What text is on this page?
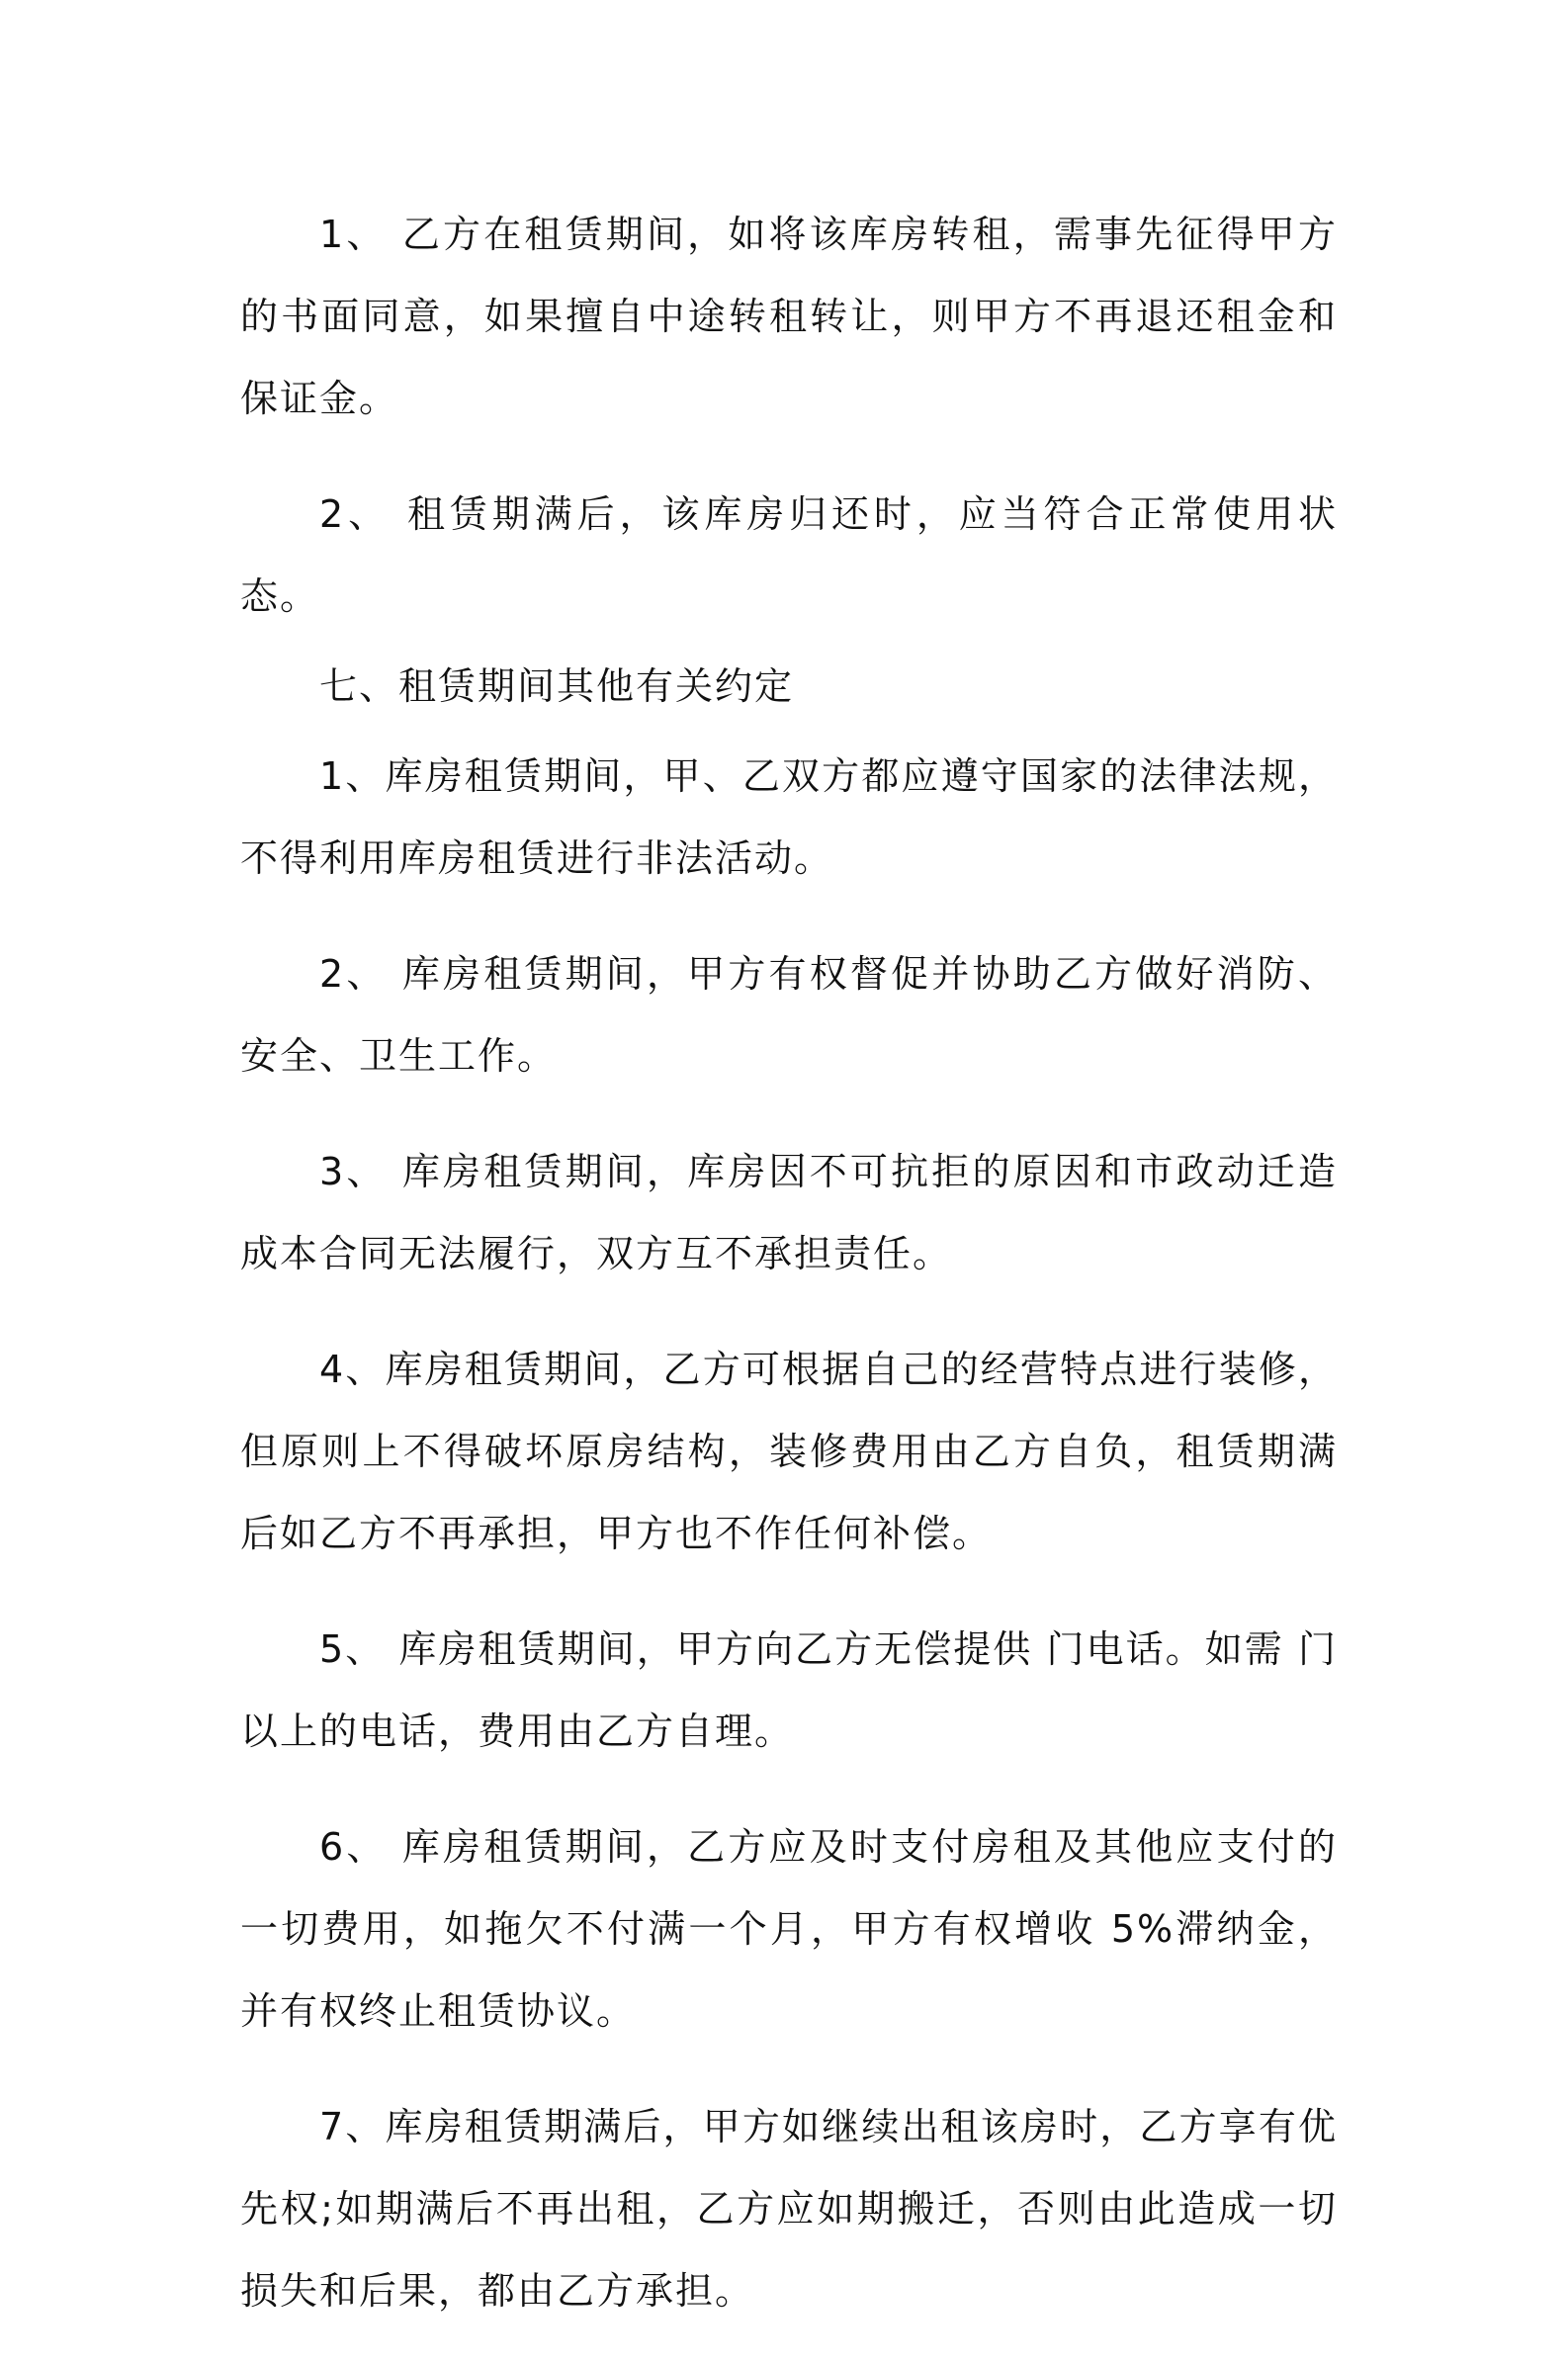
1、 乙方在租赁期间，如将该库房转租，需事先征得甲方的书面同意，如果擅自中途转租转让，则甲方不再退还租金和保证金。

2、 租赁期满后，该库房归还时，应当符合正常使用状态。

七、租赁期间其他有关约定

1、库房租赁期间，甲、乙双方都应遵守国家的法律法规，不得利用库房租赁进行非法活动。

2、 库房租赁期间，甲方有权督促并协助乙方做好消防、安全、卫生工作。

3、 库房租赁期间，库房因不可抗拒的原因和市政动迁造成本合同无法履行，双方互不承担责任。

4、库房租赁期间，乙方可根据自己的经营特点进行装修，但原则上不得破坏原房结构，装修费用由乙方自负，租赁期满后如乙方不再承担，甲方也不作任何补偿。

5、 库房租赁期间，甲方向乙方无偿提供 门电话。如需 门以上的电话，费用由乙方自理。

6、 库房租赁期间，乙方应及时支付房租及其他应支付的一切费用，如拖欠不付满一个月，甲方有权增收 5%滞纳金，并有权终止租赁协议。

7、库房租赁期满后，甲方如继续出租该房时，乙方享有优先权;如期满后不再出租，乙方应如期搬迁，否则由此造成一切损失和后果，都由乙方承担。
